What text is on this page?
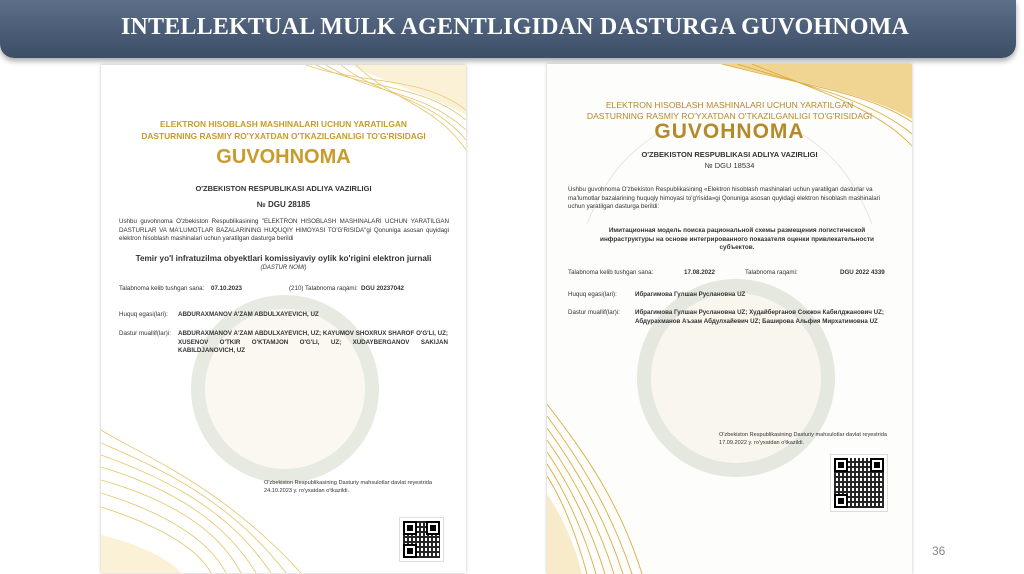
INTELLEKTUAL MULK AGENTLIGIDAN DASTURGA GUVOHNOMA
ELEKTRON HISOBLASH MASHINALARI UCHUN YARATILGAN
DASTURNING RASMIY RO'YXATDAN O'TKAZILGANLIGI TO'G'RISIDAGI
GUVOHNOMA
O'ZBEKISTON RESPUBLIKASI ADLIYA VAZIRLIGI
№ DGU 28185
Ushbu guvohnoma O'zbekiston Respublikasining "ELEKTRON HISOBLASH MASHINALARI UCHUN YARATILGAN DASTURLAR VA MA'LUMOTLAR BAZALARINING HUQUQIY HIMOYASI TO'G'RISIDA"gi Qonuniga asosan quyidagi elektron hisoblash mashinalari uchun yaratilgan dasturga berildi
Temir yo'l infratuzilma obyektlari komissiyaviy oylik ko'rigini elektron jurnali
(DASTUR NOMI)
Talabnoma kelib tushgan sana: 07.10.2023	(210) Talabnoma raqami: DGU 20237042
Huquq egasi(lari): ABDURAXMANOV A'ZAM ABDULXAYEVICH, UZ
Dastur muallif(lar)i: ABDURAXMANOV A'ZAM ABDULXAYEVICH, UZ; KAYUMOV SHOXRUX SHAROF O'G'LI, UZ; XUSENOV O'TKIR O'KTAMJON O'G'LI, UZ; XUDAYBERGANOV SAKIJAN KABILDJANOVICH, UZ
O'zbekiston Respublikasining Dasturiy mahsulotlar davlat reyestrida 24.10.2023 y. ro'yxatdan o'tkazildi.
ELEKTRON HISOBLASH MASHINALARI UCHUN YARATILGAN
DASTURNING RASMIY RO'YXATDAN O'TKAZILGANLIGI TO'G'RISIDAGI
GUVOHNOMA
O'ZBEKISTON RESPUBLIKASI ADLIYA VAZIRLIGI
№ DGU 18534
Ushbu guvohnoma O'zbekiston Respublikasining «Elektron hisoblash mashinalari uchun yaratilgan dasturlar va ma'lumotlar bazalarining huquqiy himoyasi to'g'risida»gi Qonuniga asosan quyidagi elektron hisoblash mashinalari uchun yaratilgan dasturga berildi:
Имитационная модель поиска рациональной схемы размещения логистической инфраструктуры на основе интегрированного показателя оценки привлекательности субъектов.
Talabnoma kelib tushgan sana:	17.08.2022	Talabnoma raqami:	DGU 2022 4339
Huquq egasi(lari):	Ибрагимова Гулшан Руслановна UZ
Dastur muallif(lar)i: Ибрагимова Гулшан Руслановна UZ; Худайберганов Сокжон Кабилджанович UZ; Абдурахманов Аъзам Абдулхайевич UZ; Баширова Альфия Мирхатимовна UZ
O'zbekiston Respublikasining Dasturiy mahsulotlar davlat reyestrida 17.09.2022 y. ro'yxatdan o'tkazildi.
36
